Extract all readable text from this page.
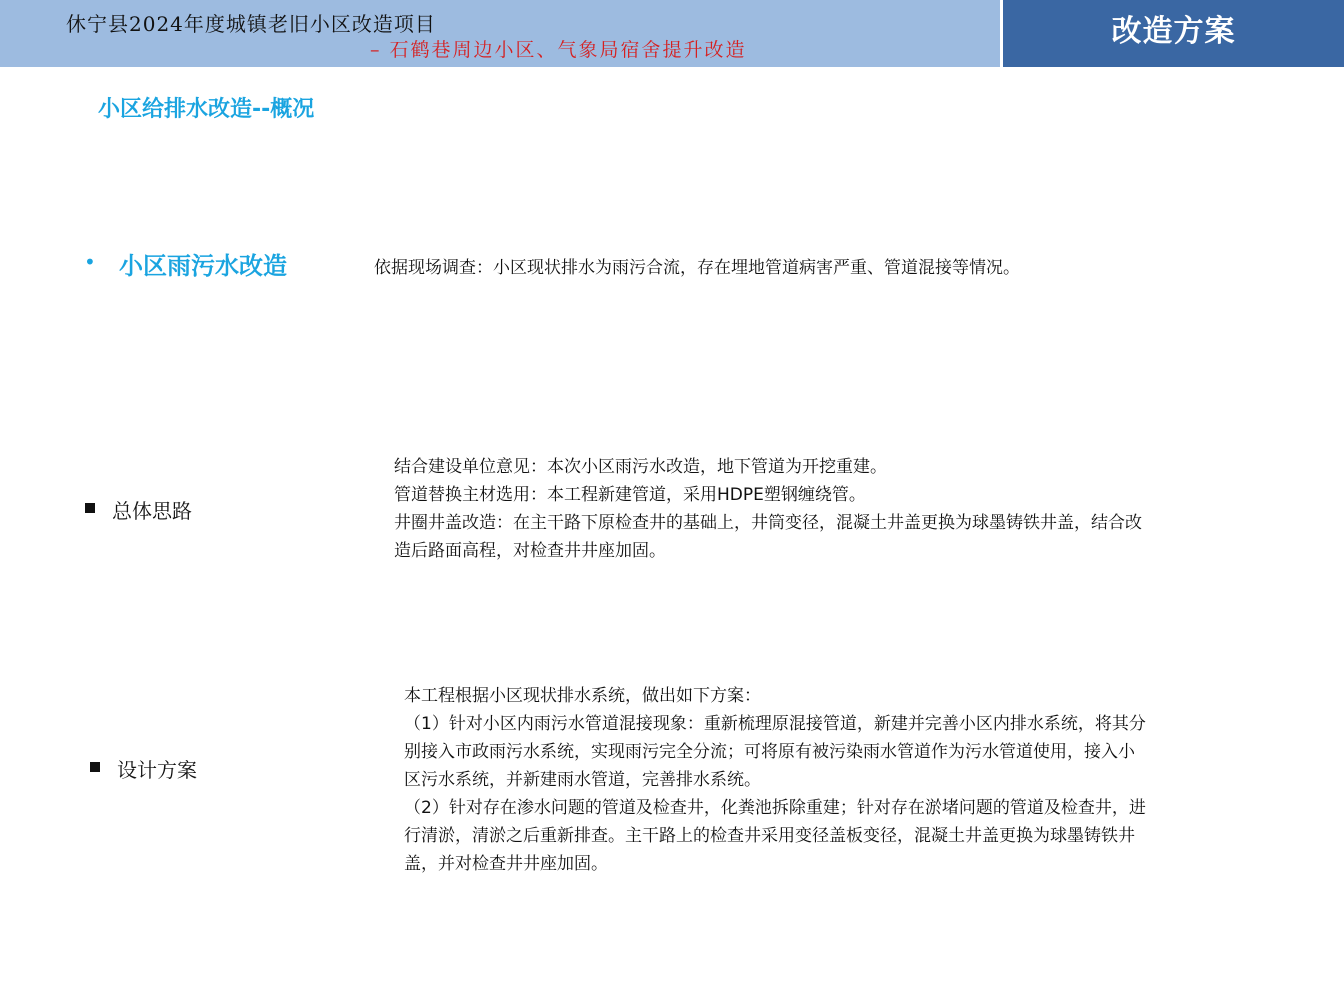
休宁县2024年度城镇老旧小区改造项目
– 石鹤巷周边小区、气象局宿舍提升改造
改造方案
小区给排水改造--概况
• 小区雨污水改造	依据现场调查：小区现状排水为雨污合流，存在埋地管道病害严重、管道混接等情况。
总体思路

结合建设单位意见：本次小区雨污水改造，地下管道为开挖重建。

管道替换主材选用：本工程新建管道，采用HDPE塑钢缠绕管。

井圈井盖改造：在主干路下原检查井的基础上，井筒变径，混凝土井盖更换为球墨铸铁井盖，结合改

造后路面高程，对检查井井座加固。

设计方案

本工程根据小区现状排水系统，做出如下方案：

（1）针对小区内雨污水管道混接现象：重新梳理原混接管道，新建并完善小区内排水系统，将其分

别接入市政雨污水系统，实现雨污完全分流；可将原有被污染雨水管道作为污水管道使用，接入小

区污水系统，并新建雨水管道，完善排水系统。

（2）针对存在渗水问题的管道及检查井，化粪池拆除重建；针对存在淤堵问题的管道及检查井，进

行清淤，清淤之后重新排查。主干路上的检查井采用变径盖板变径，混凝土井盖更换为球墨铸铁井

盖，并对检查井井座加固。
